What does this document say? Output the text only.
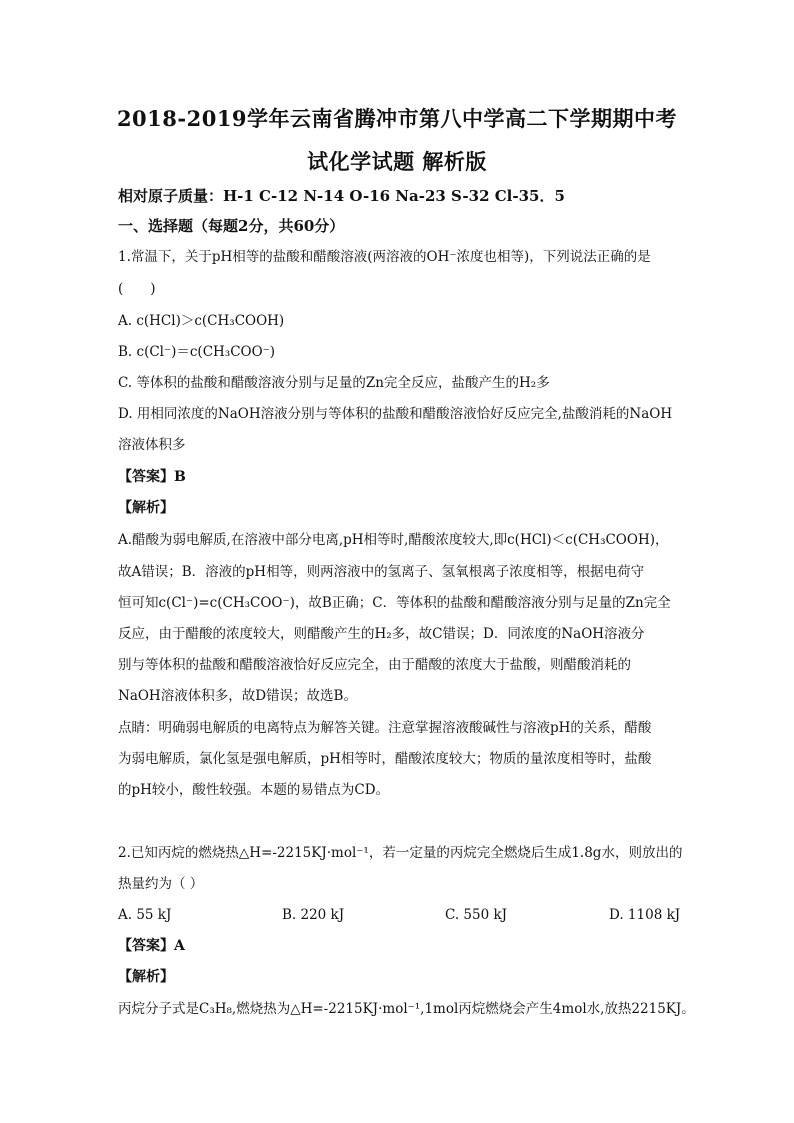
2018-2019学年云南省腾冲市第八中学高二下学期期中考
试化学试题 解析版
相对原子质量：H-1 C-12 N-14 O-16 Na-23 S-32 Cl-35．5
一、选择题（每题2分，共60分）
1.常温下，关于pH相等的盐酸和醋酸溶液(两溶液的OH⁻浓度也相等)，下列说法正确的是
(　　)
A. c(HCl)＞c(CH₃COOH)
B. c(Cl⁻)＝c(CH₃COO⁻)
C. 等体积的盐酸和醋酸溶液分别与足量的Zn完全反应，盐酸产生的H₂多
D. 用相同浓度的NaOH溶液分别与等体积的盐酸和醋酸溶液恰好反应完全,盐酸消耗的NaOH
溶液体积多
【答案】B
【解析】
A.醋酸为弱电解质,在溶液中部分电离,pH相等时,醋酸浓度较大,即c(HCl)＜c(CH₃COOH)，
故A错误；B．溶液的pH相等，则两溶液中的氢离子、氢氧根离子浓度相等，根据电荷守
恒可知c(Cl⁻)=c(CH₃COO⁻)，故B正确；C．等体积的盐酸和醋酸溶液分别与足量的Zn完全
反应，由于醋酸的浓度较大，则醋酸产生的H₂多，故C错误；D．同浓度的NaOH溶液分
别与等体积的盐酸和醋酸溶液恰好反应完全，由于醋酸的浓度大于盐酸，则醋酸消耗的
NaOH溶液体积多，故D错误；故选B。
点睛：明确弱电解质的电离特点为解答关键。注意掌握溶液酸碱性与溶液pH的关系，醋酸
为弱电解质，氯化氢是强电解质，pH相等时，醋酸浓度较大；物质的量浓度相等时，盐酸
的pH较小，酸性较强。本题的易错点为CD。
2.已知丙烷的燃烧热△H=-2215KJ·mol⁻¹，若一定量的丙烷完全燃烧后生成1.8g水，则放出的
热量约为（ ）
A. 55 kJ	B. 220 kJ	C. 550 kJ	D. 1108 kJ
【答案】A
【解析】
丙烷分子式是C₃H₈,燃烧热为△H=-2215KJ·mol⁻¹,1mol丙烷燃烧会产生4mol水,放热2215KJ。
